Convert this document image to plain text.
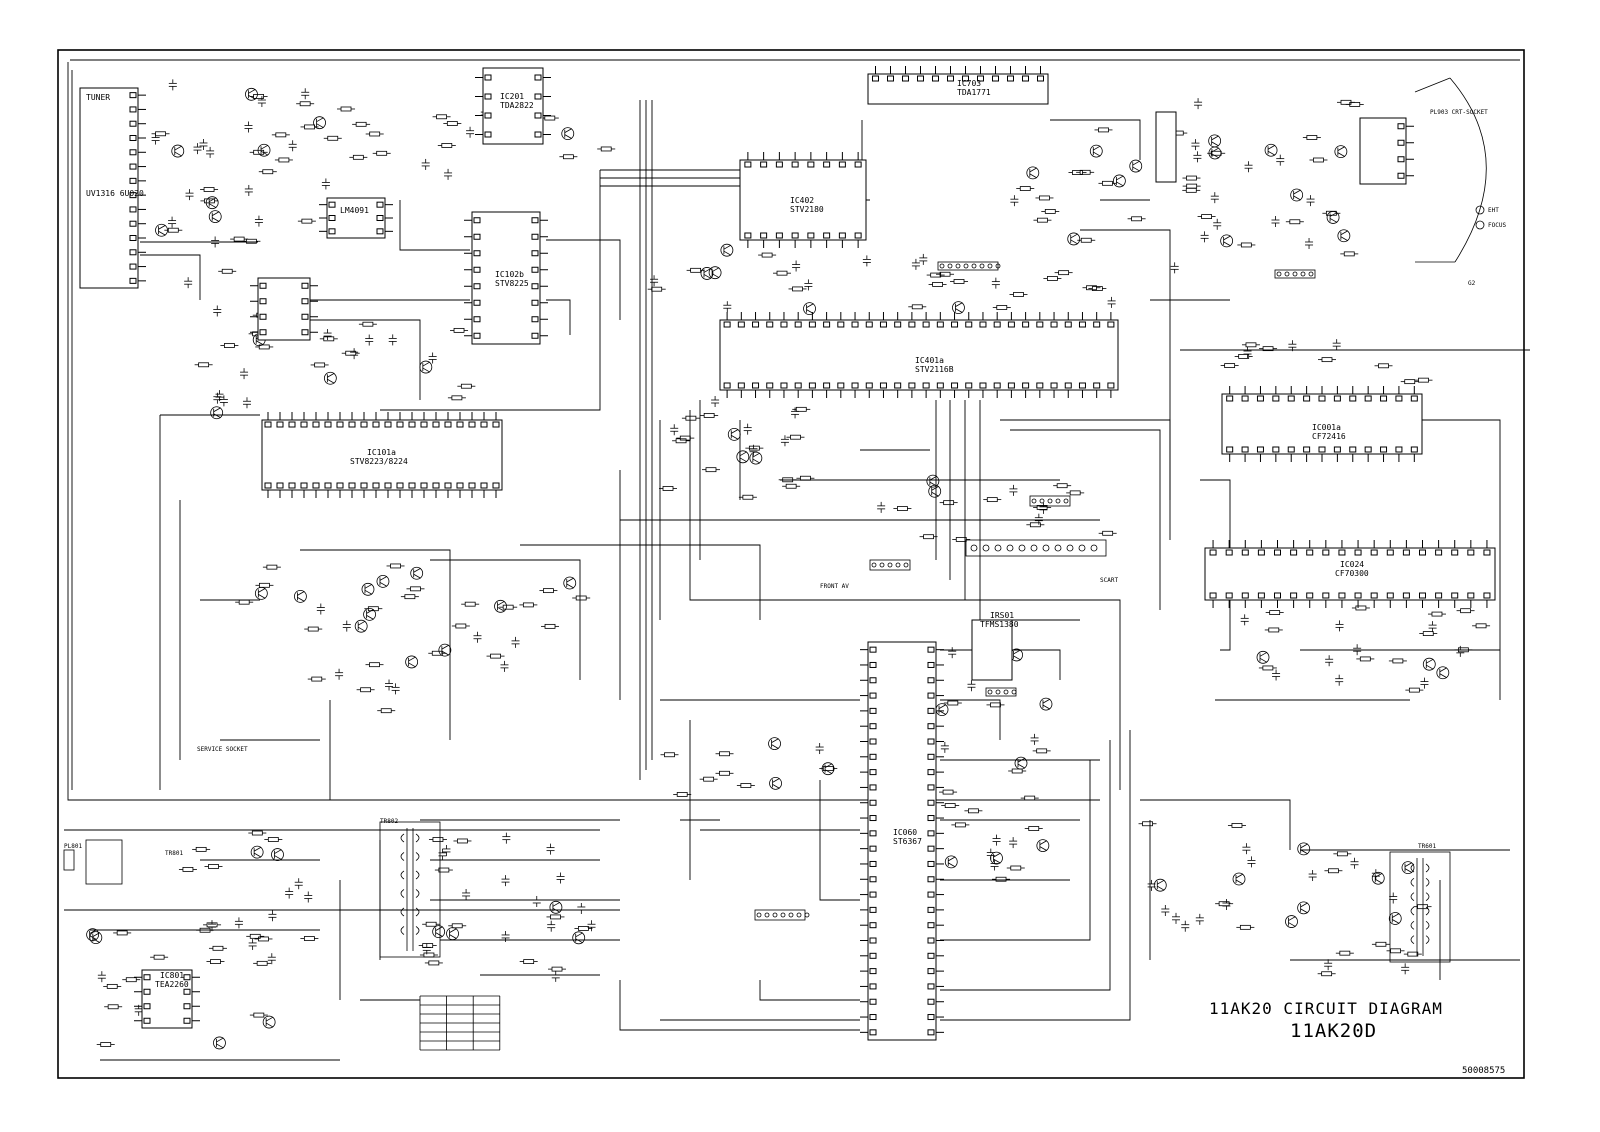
TUNER
UV1316 6U020
IC201
TDA2822
IC703
TDA1771
IC402
STV2180
IC102b
STV8225
IC101a
STV8223/8224
IC401a
STV2116B
IC001a
CF72416
IC024
CF70300
IC060
ST6367
IC801
TEA2260
LM4091
IRS01
TFMS1380
PL903 CRT-SOCKET
SCART
SERVICE SOCKET
FRONT AV
PL801
TR802
TR601
TR801
EHT
FOCUS
G2
11AK20 CIRCUIT DIAGRAM
11AK20D
50008575
